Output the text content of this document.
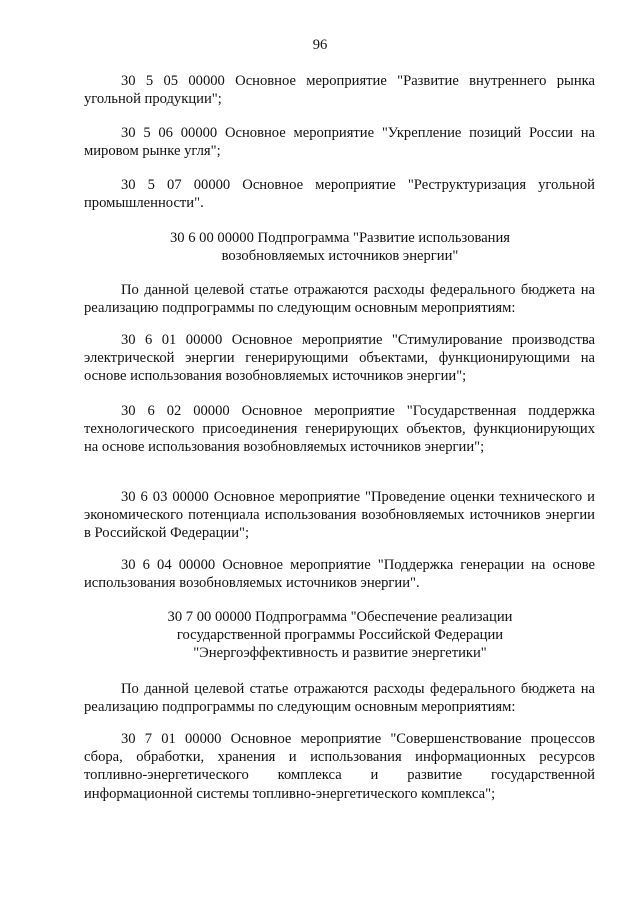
96

30 5 05 00000 Основное мероприятие "Развитие внутреннего рынка угольной продукции";

30 5 06 00000 Основное мероприятие "Укрепление позиций России на мировом рынке угля";

30 5 07 00000 Основное мероприятие "Реструктуризация угольной промышленности".

30 6 00 00000 Подпрограмма "Развитие использования возобновляемых источников энергии"

По данной целевой статье отражаются расходы федерального бюджета на реализацию подпрограммы по следующим основным мероприятиям:

30 6 01 00000 Основное мероприятие "Стимулирование производства электрической энергии генерирующими объектами, функционирующими на основе использования возобновляемых источников энергии";

30 6 02 00000 Основное мероприятие "Государственная поддержка технологического присоединения генерирующих объектов, функционирующих на основе использования возобновляемых источников энергии";

30 6 03 00000 Основное мероприятие "Проведение оценки технического и экономического потенциала использования возобновляемых источников энергии в Российской Федерации";

30 6 04 00000 Основное мероприятие "Поддержка генерации на основе использования возобновляемых источников энергии".

30 7 00 00000 Подпрограмма "Обеспечение реализации государственной программы Российской Федерации "Энергоэффективность и развитие энергетики"

По данной целевой статье отражаются расходы федерального бюджета на реализацию подпрограммы по следующим основным мероприятиям:

30 7 01 00000 Основное мероприятие "Совершенствование процессов сбора, обработки, хранения и использования информационных ресурсов топливно-энергетического комплекса и развитие государственной информационной системы топливно-энергетического комплекса";
